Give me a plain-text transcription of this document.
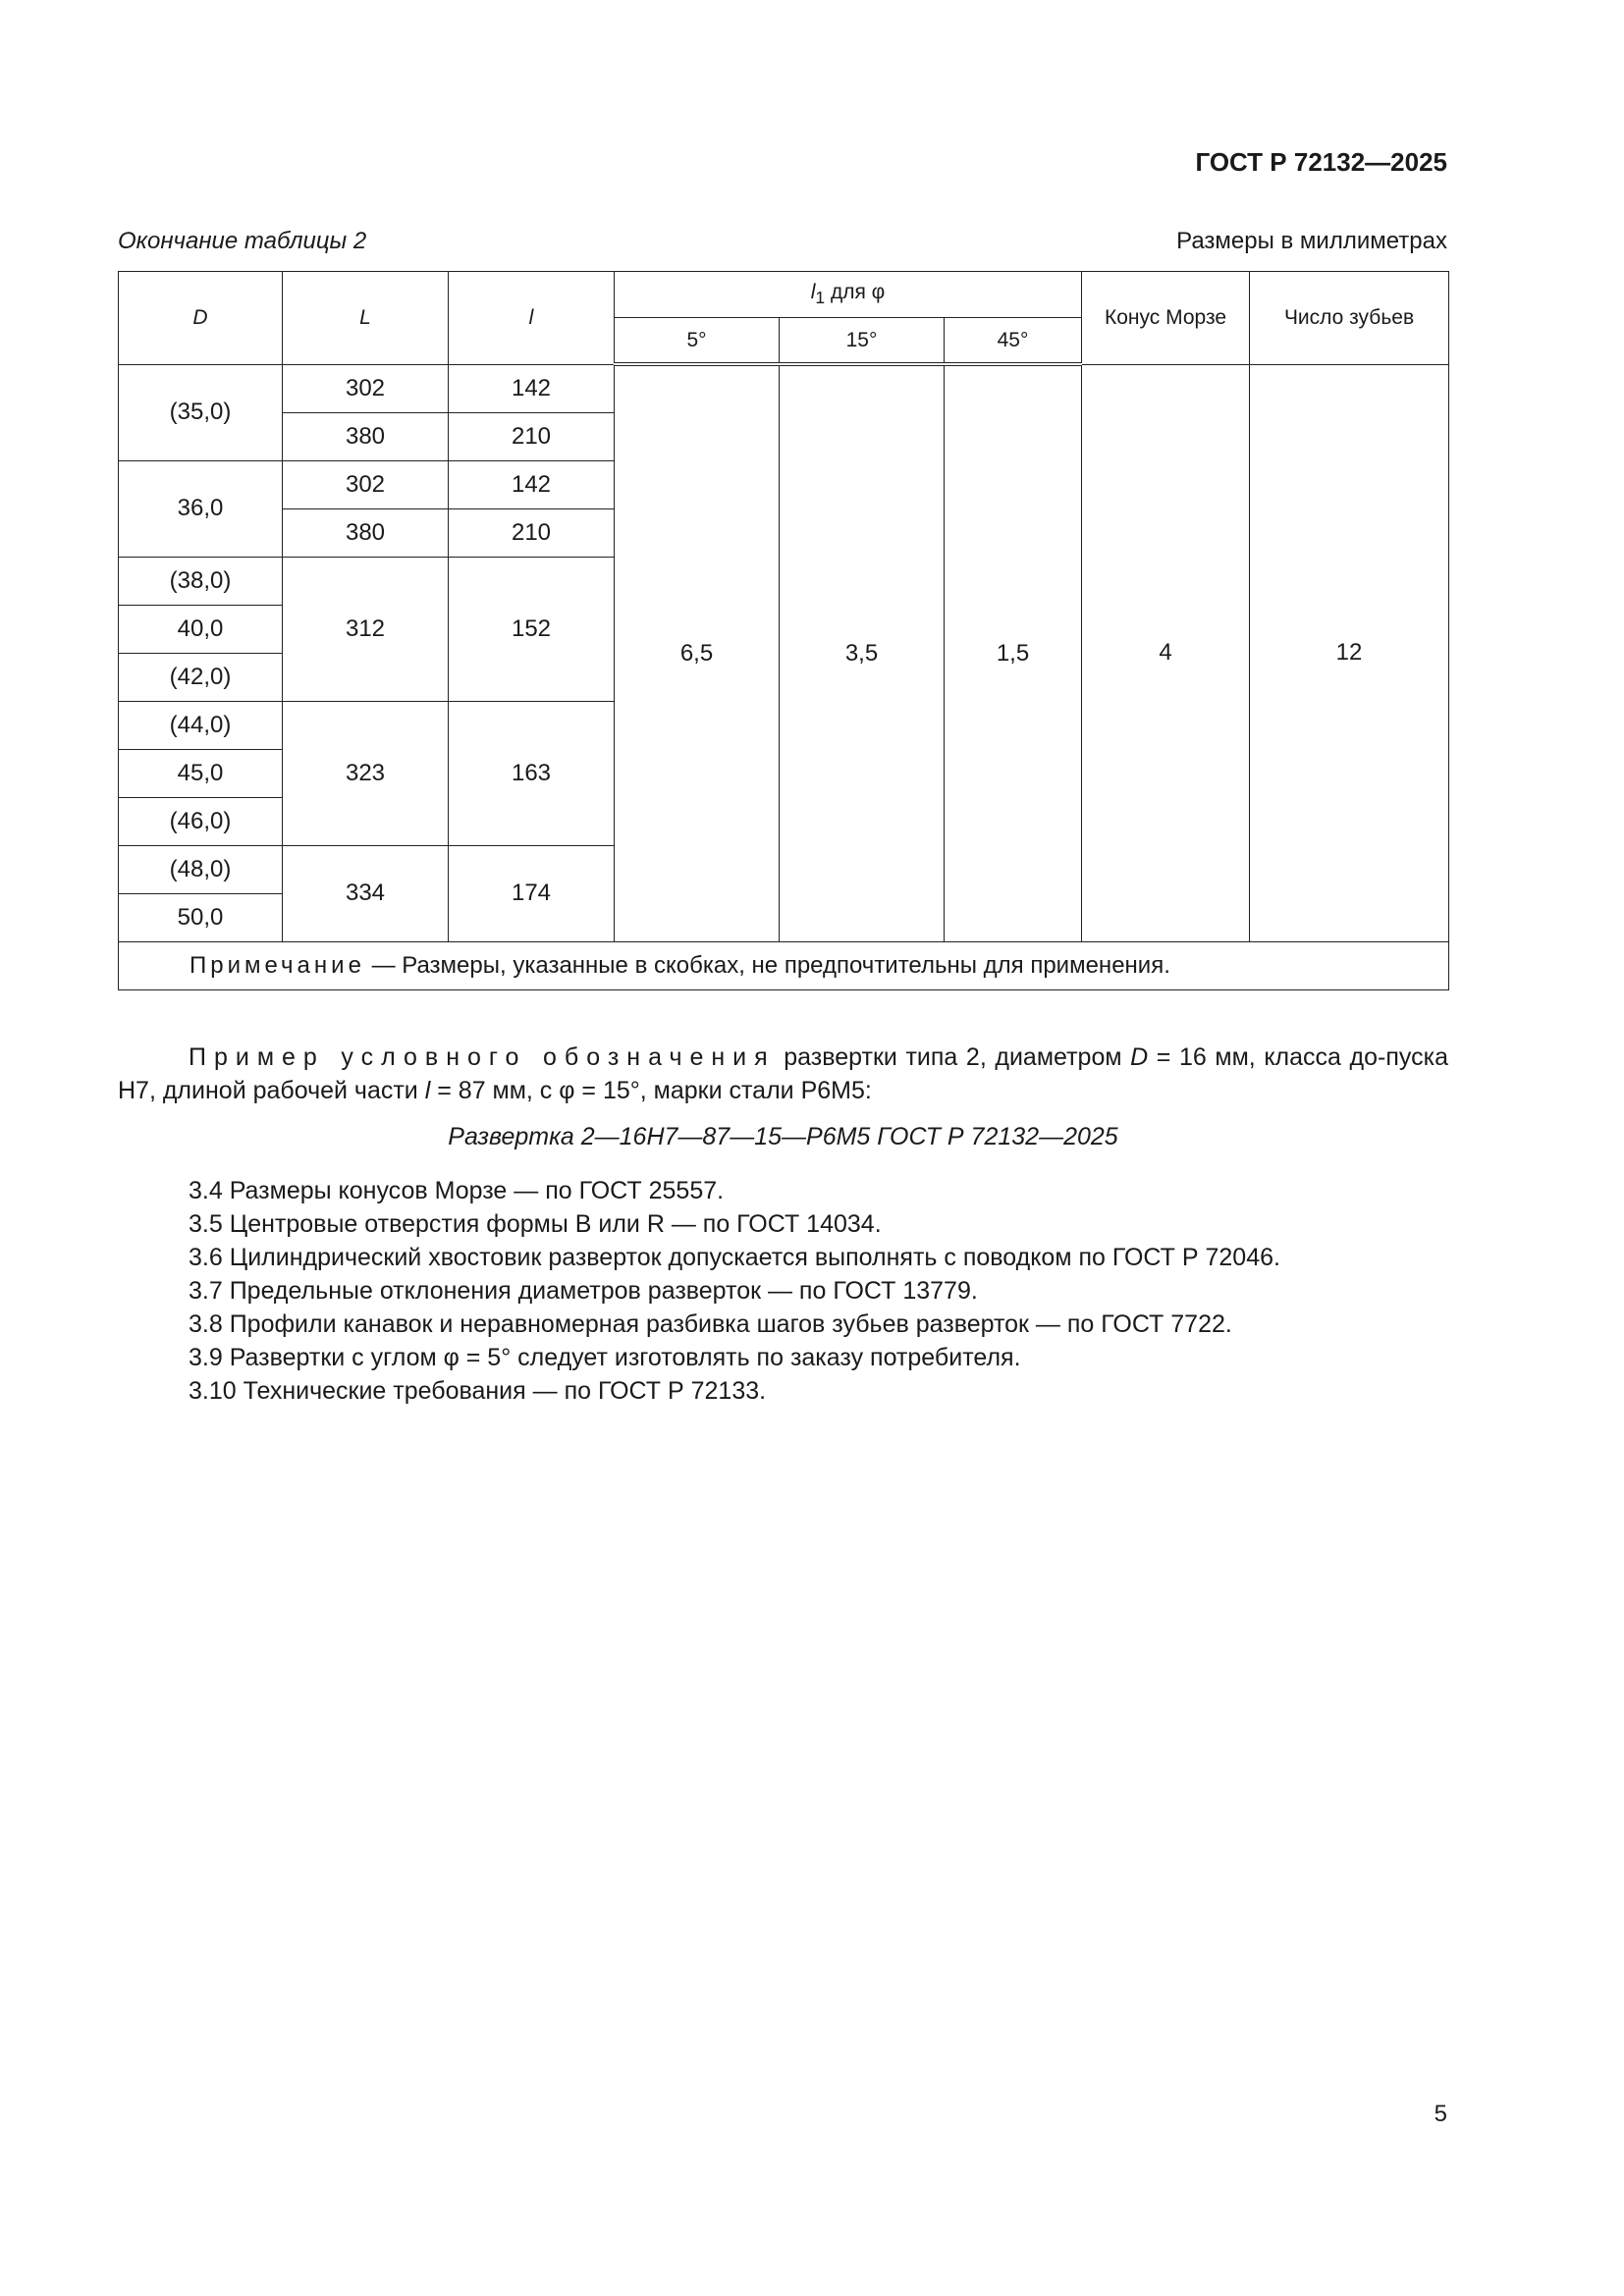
ГОСТ Р 72132—2025
Окончание таблицы 2	Размеры в миллиметрах
D	L	l	$l_1$ для φ			Конус Морзе	Число зубьев
			5°	15°	45°		
(35,0)	302	142	6,5	3,5	1,5	4	12
	380	210					
36,0	302	142					
	380	210					
(38,0)	312	152					
40,0							
(42,0)							
(44,0)	323	163					
45,0							
(46,0)							
(48,0)	334	174					
50,0							
Примечание — Размеры, указанные в скобках, не предпочтительны для применения.							
Пример условного обозначения развертки типа 2, диаметром D = 16 мм, класса до-пуска Н7, длиной рабочей части l = 87 мм, с φ = 15°, марки стали Р6М5:
Развертка 2—16Н7—87—15—Р6М5 ГОСТ Р 72132—2025
3.4 Размеры конусов Морзе — по ГОСТ 25557.
3.5 Центровые отверстия формы В или R — по ГОСТ 14034.
3.6 Цилиндрический хвостовик разверток допускается выполнять с поводком по ГОСТ Р 72046.
3.7 Предельные отклонения диаметров разверток — по ГОСТ 13779.
3.8 Профили канавок и неравномерная разбивка шагов зубьев разверток — по ГОСТ 7722.
3.9 Развертки с углом φ = 5° следует изготовлять по заказу потребителя.
3.10 Технические требования — по ГОСТ Р 72133.
5
